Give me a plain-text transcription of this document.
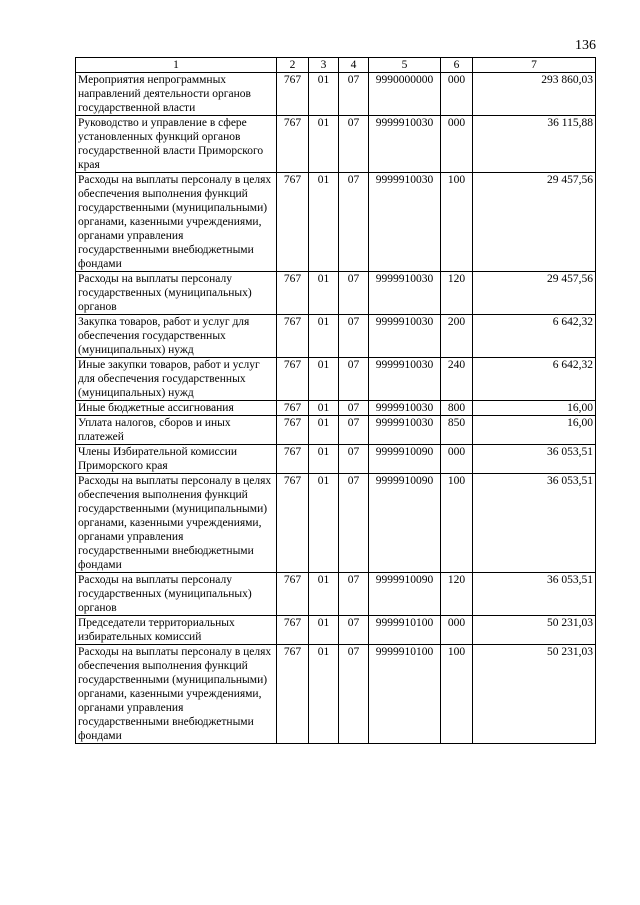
136
1	2	3	4	5	6	7
Мероприятия непрограммных направлений деятельности органов государственной власти	767	01	07	9990000000	000	293 860,03
Руководство и управление в сфере установленных функций органов государственной власти Приморского края	767	01	07	9999910030	000	36 115,88
Расходы на выплаты персоналу в целях обеспечения выполнения функций государственными (муниципальными) органами, казенными учреждениями, органами управления государственными внебюджетными фондами	767	01	07	9999910030	100	29 457,56
Расходы на выплаты персоналу государственных (муниципальных) органов	767	01	07	9999910030	120	29 457,56
Закупка товаров, работ и услуг для обеспечения государственных (муниципальных) нужд	767	01	07	9999910030	200	6 642,32
Иные закупки товаров, работ и услуг для обеспечения государственных (муниципальных) нужд	767	01	07	9999910030	240	6 642,32
Иные бюджетные ассигнования	767	01	07	9999910030	800	16,00
Уплата налогов, сборов и иных платежей	767	01	07	9999910030	850	16,00
Члены Избирательной комиссии Приморского края	767	01	07	9999910090	000	36 053,51
Расходы на выплаты персоналу в целях обеспечения выполнения функций государственными (муниципальными) органами, казенными учреждениями, органами управления государственными внебюджетными фондами	767	01	07	9999910090	100	36 053,51
Расходы на выплаты персоналу государственных (муниципальных) органов	767	01	07	9999910090	120	36 053,51
Председатели территориальных избирательных комиссий	767	01	07	9999910100	000	50 231,03
Расходы на выплаты персоналу в целях обеспечения выполнения функций государственными (муниципальными) органами, казенными учреждениями, органами управления государственными внебюджетными фондами	767	01	07	9999910100	100	50 231,03
